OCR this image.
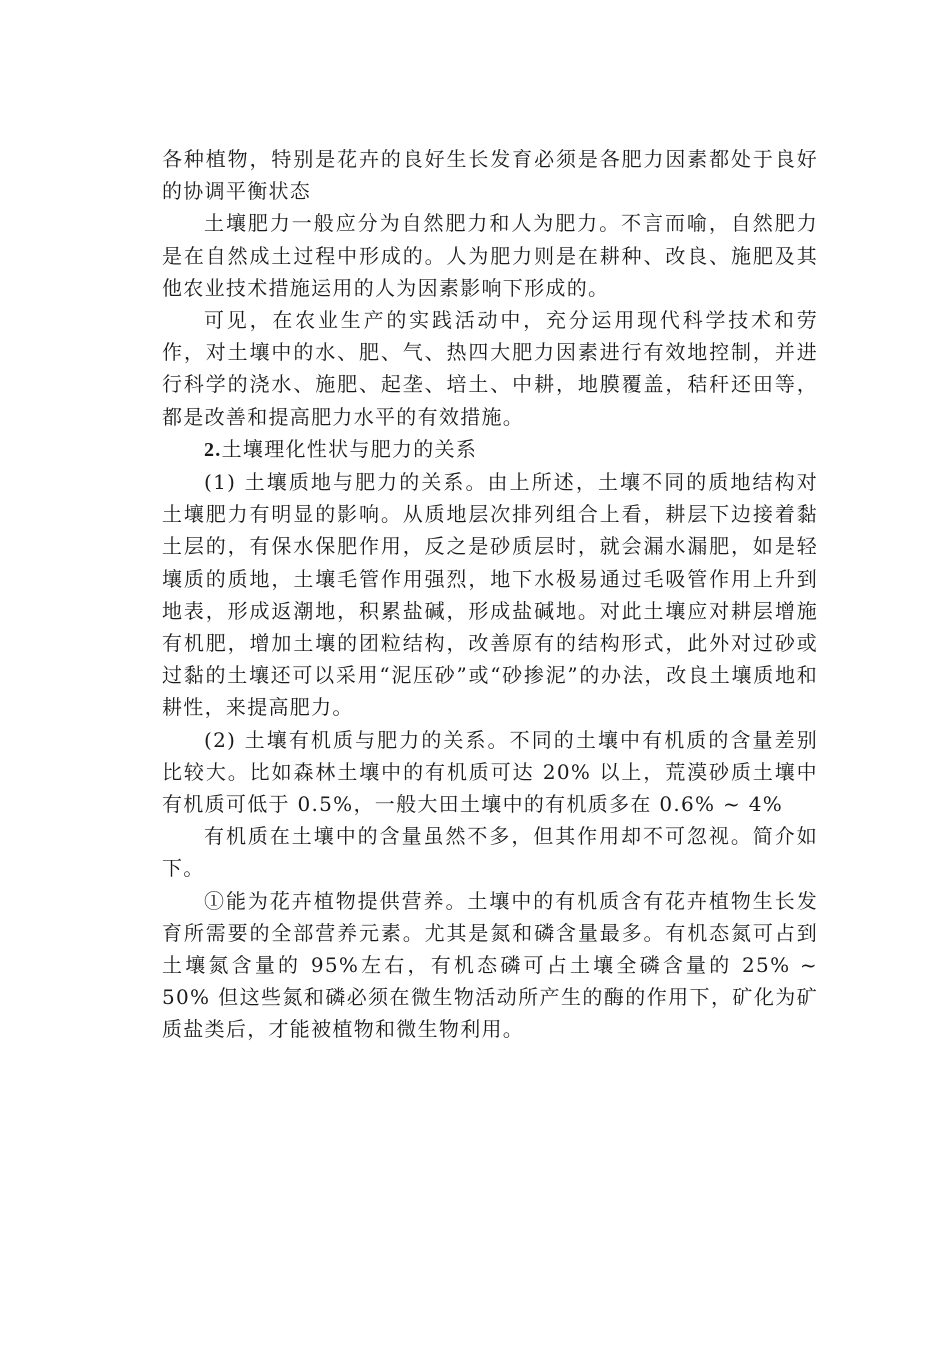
各种植物，特别是花卉的良好生长发育必须是各肥力因素都处于良好的协调平衡状态

土壤肥力一般应分为自然肥力和人为肥力。不言而喻，自然肥力是在自然成土过程中形成的。人为肥力则是在耕种、改良、施肥及其他农业技术措施运用的人为因素影响下形成的。

可见，在农业生产的实践活动中，充分运用现代科学技术和劳作，对土壤中的水、肥、气、热四大肥力因素进行有效地控制，并进行科学的浇水、施肥、起垄、培土、中耕，地膜覆盖，秸秆还田等，都是改善和提高肥力水平的有效措施。

2.土壤理化性状与肥力的关系

(1) 土壤质地与肥力的关系。由上所述，土壤不同的质地结构对土壤肥力有明显的影响。从质地层次排列组合上看，耕层下边接着黏土层的，有保水保肥作用，反之是砂质层时，就会漏水漏肥，如是轻壤质的质地，土壤毛管作用强烈，地下水极易通过毛吸管作用上升到地表，形成返潮地，积累盐碱，形成盐碱地。对此土壤应对耕层增施有机肥，增加土壤的团粒结构，改善原有的结构形式，此外对过砂或过黏的土壤还可以采用“泥压砂”或“砂掺泥”的办法，改良土壤质地和耕性，来提高肥力。

(2) 土壤有机质与肥力的关系。不同的土壤中有机质的含量差别比较大。比如森林土壤中的有机质可达 20% 以上，荒漠砂质土壤中有机质可低于 0.5%，一般大田土壤中的有机质多在 0.6% ~ 4%

有机质在土壤中的含量虽然不多，但其作用却不可忽视。简介如下。

①能为花卉植物提供营养。土壤中的有机质含有花卉植物生长发育所需要的全部营养元素。尤其是氮和磷含量最多。有机态氮可占到土壤氮含量的 95%左右，有机态磷可占土壤全磷含量的 25% ~ 50% 但这些氮和磷必须在微生物活动所产生的酶的作用下，矿化为矿质盐类后，才能被植物和微生物利用。
